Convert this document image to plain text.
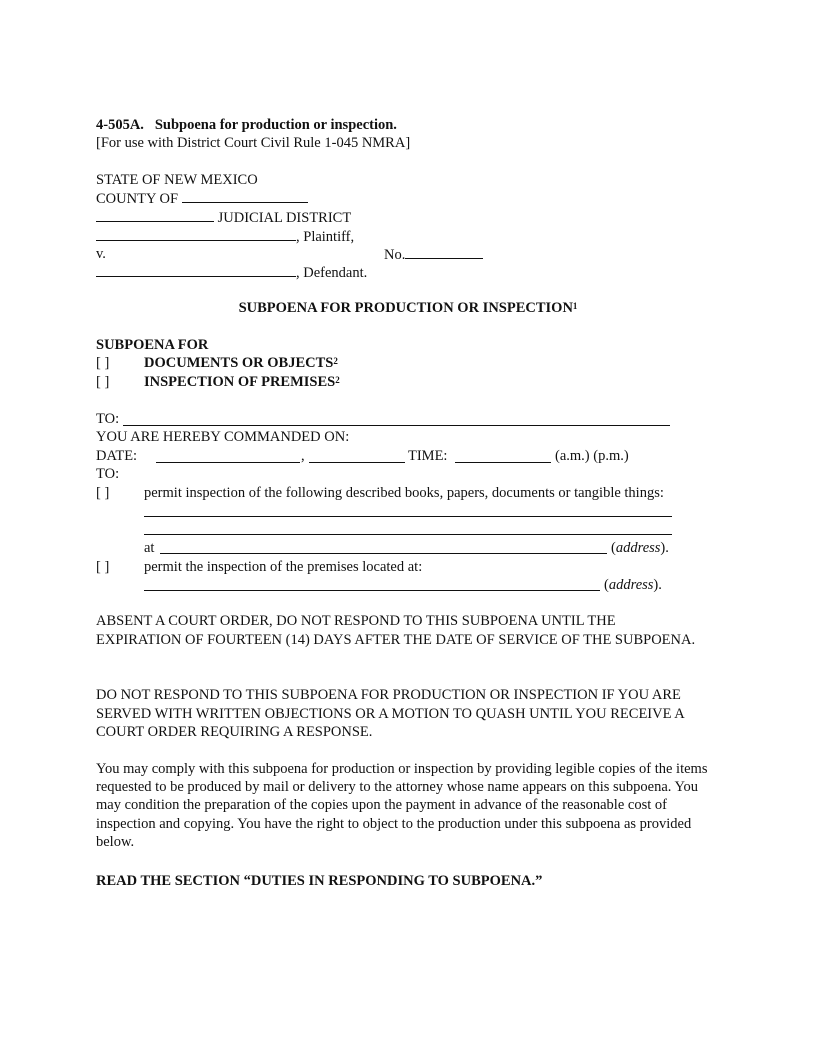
4-505A. Subpoena for production or inspection.
[For use with District Court Civil Rule 1-045 NMRA]
STATE OF NEW MEXICO
COUNTY OF
JUDICIAL DISTRICT
, Plaintiff,
v.	No.
, Defendant.
SUBPOENA FOR PRODUCTION OR INSPECTION$^1$
SUBPOENA FOR
[ ] DOCUMENTS OR OBJECTS$^2$
[ ] INSPECTION OF PREMISES$^2$
TO:
YOU ARE HEREBY COMMANDED ON:
DATE:	,	TIME:	(a.m.) (p.m.)
TO:
[ ] permit inspection of the following described books, papers, documents or tangible things:
at	(address).
[ ] permit the inspection of the premises located at:
(address).
ABSENT A COURT ORDER, DO NOT RESPOND TO THIS SUBPOENA UNTIL THE EXPIRATION OF FOURTEEN (14) DAYS AFTER THE DATE OF SERVICE OF THE SUBPOENA.
DO NOT RESPOND TO THIS SUBPOENA FOR PRODUCTION OR INSPECTION IF YOU ARE SERVED WITH WRITTEN OBJECTIONS OR A MOTION TO QUASH UNTIL YOU RECEIVE A COURT ORDER REQUIRING A RESPONSE.
You may comply with this subpoena for production or inspection by providing legible copies of the items requested to be produced by mail or delivery to the attorney whose name appears on this subpoena. You may condition the preparation of the copies upon the payment in advance of the reasonable cost of inspection and copying. You have the right to object to the production under this subpoena as provided below.
READ THE SECTION “DUTIES IN RESPONDING TO SUBPOENA.”
